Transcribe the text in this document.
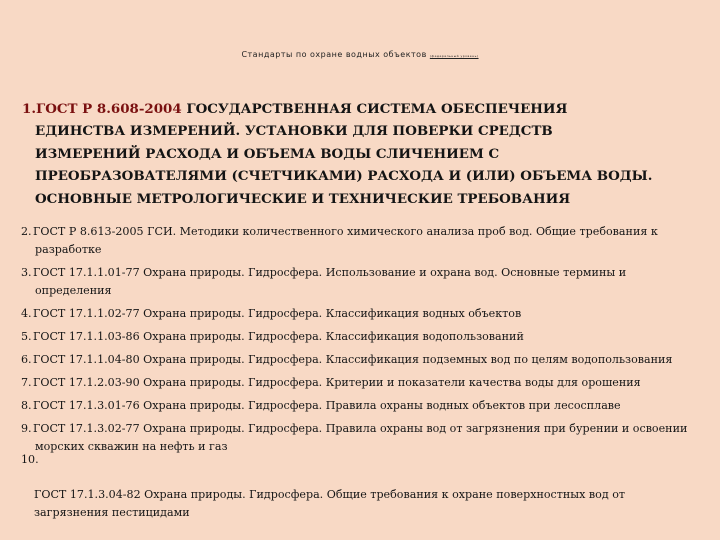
Стандарты по охране водных объектов (федеральный уровень)
1.ГОСТ Р 8.608-2004 ГОСУДАРСТВЕННАЯ СИСТЕМА ОБЕСПЕЧЕНИЯ
ЕДИНСТВА ИЗМЕРЕНИЙ. УСТАНОВКИ ДЛЯ ПОВЕРКИ СРЕДСТВ
ИЗМЕРЕНИЙ РАСХОДА И ОБЪЕМА ВОДЫ СЛИЧЕНИЕМ С
ПРЕОБРАЗОВАТЕЛЯМИ (СЧЕТЧИКАМИ) РАСХОДА И (ИЛИ) ОБЪЕМА ВОДЫ.
ОСНОВНЫЕ МЕТРОЛОГИЧЕСКИЕ И ТЕХНИЧЕСКИЕ ТРЕБОВАНИЯ
2. ГОСТ Р 8.613-2005 ГСИ. Методики количественного химического анализа проб вод. Общие требования к
разработке
3. ГОСТ 17.1.1.01-77 Охрана природы. Гидросфера. Использование и охрана вод. Основные термины и
определения
4. ГОСТ 17.1.1.02-77 Охрана природы. Гидросфера. Классификация водных объектов
5. ГОСТ 17.1.1.03-86 Охрана природы. Гидросфера. Классификация водопользований
6. ГОСТ 17.1.1.04-80 Охрана природы. Гидросфера. Классификация подземных вод по целям водопользования
7. ГОСТ 17.1.2.03-90 Охрана природы. Гидросфера. Критерии и показатели качества воды для орошения
8. ГОСТ 17.1.3.01-76 Охрана природы. Гидросфера. Правила охраны водных объектов при лесосплаве
9. ГОСТ 17.1.3.02-77 Охрана природы. Гидросфера. Правила охраны вод от загрязнения при бурении и освоении
морских скважин на нефть и газ
10.
ГОСТ 17.1.3.04-82 Охрана природы. Гидросфера. Общие требования к охране поверхностных вод от
загрязнения пестицидами
